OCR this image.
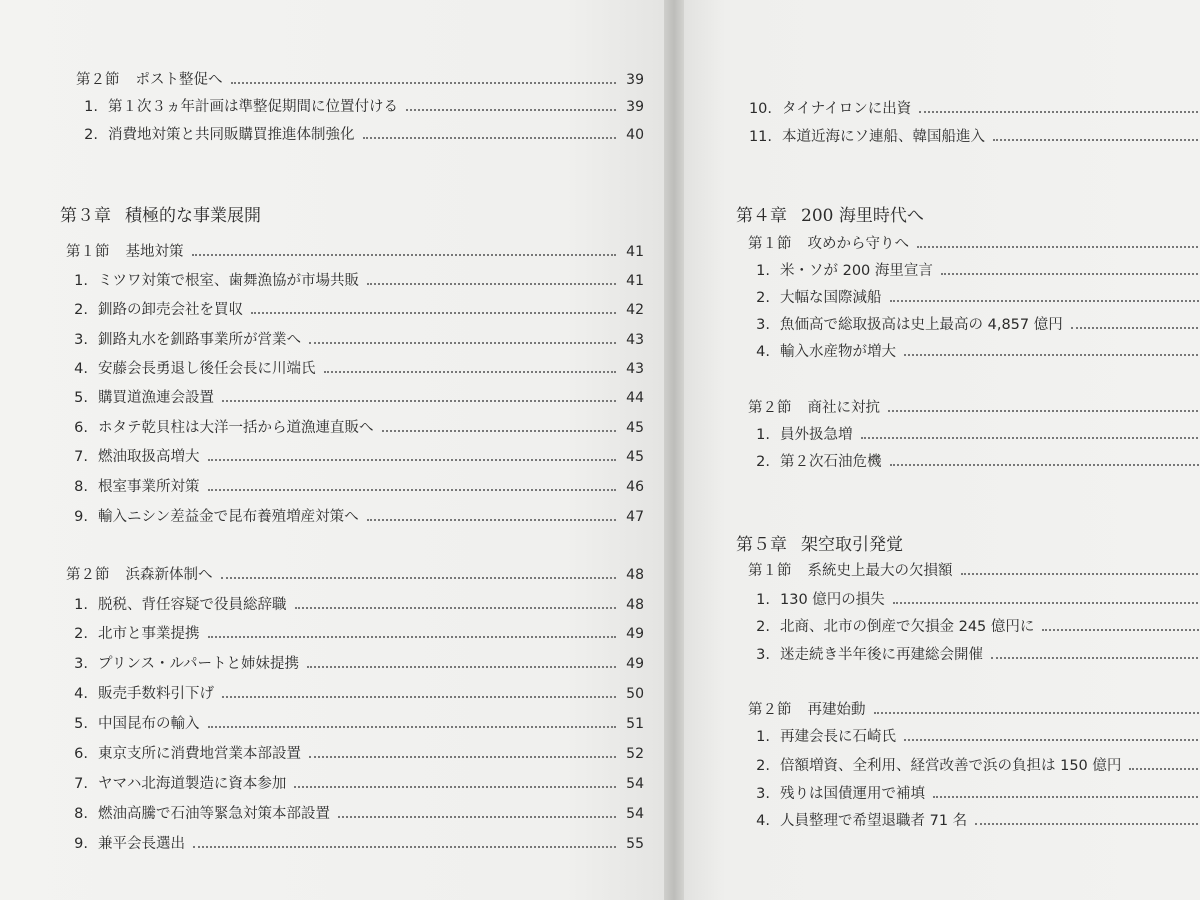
第２節 ポスト整促へ	39
1. 第１次３ヵ年計画は準整促期間に位置付ける	39
2. 消費地対策と共同販購買推進体制強化	40
第３章 積極的な事業展開
第１節 基地対策	41
1. ミツワ対策で根室、歯舞漁協が市場共販	41
2. 釧路の卸売会社を買収	42
3. 釧路丸水を釧路事業所が営業へ	43
4. 安藤会長勇退し後任会長に川端氏	43
5. 購買道漁連会設置	44
6. ホタテ乾貝柱は大洋一括から道漁連直販へ	45
7. 燃油取扱高増大	45
8. 根室事業所対策	46
9. 輸入ニシン差益金で昆布養殖増産対策へ	47
第２節 浜森新体制へ	48
1. 脱税、背任容疑で役員総辞職	48
2. 北市と事業提携	49
3. プリンス・ルパートと姉妹提携	49
4. 販売手数料引下げ	50
5. 中国昆布の輸入	51
6. 東京支所に消費地営業本部設置	52
7. ヤマハ北海道製造に資本参加	54
8. 燃油高騰で石油等緊急対策本部設置	54
9. 兼平会長選出	55
10. タイナイロンに出資
11. 本道近海にソ連船、韓国船進入
第４章 200 海里時代へ
第１節 攻めから守りへ
1. 米・ソが 200 海里宣言
2. 大幅な国際減船
3. 魚価高で総取扱高は史上最高の 4,857 億円
4. 輸入水産物が増大
第２節 商社に対抗
1. 員外扱急増
2. 第２次石油危機
第５章 架空取引発覚
第１節 系統史上最大の欠損額
1. 130 億円の損失
2. 北商、北市の倒産で欠損金 245 億円に
3. 迷走続き半年後に再建総会開催
第２節 再建始動
1. 再建会長に石崎氏
2. 倍額増資、全利用、経営改善で浜の負担は 150 億円
3. 残りは国債運用で補填
4. 人員整理で希望退職者 71 名
